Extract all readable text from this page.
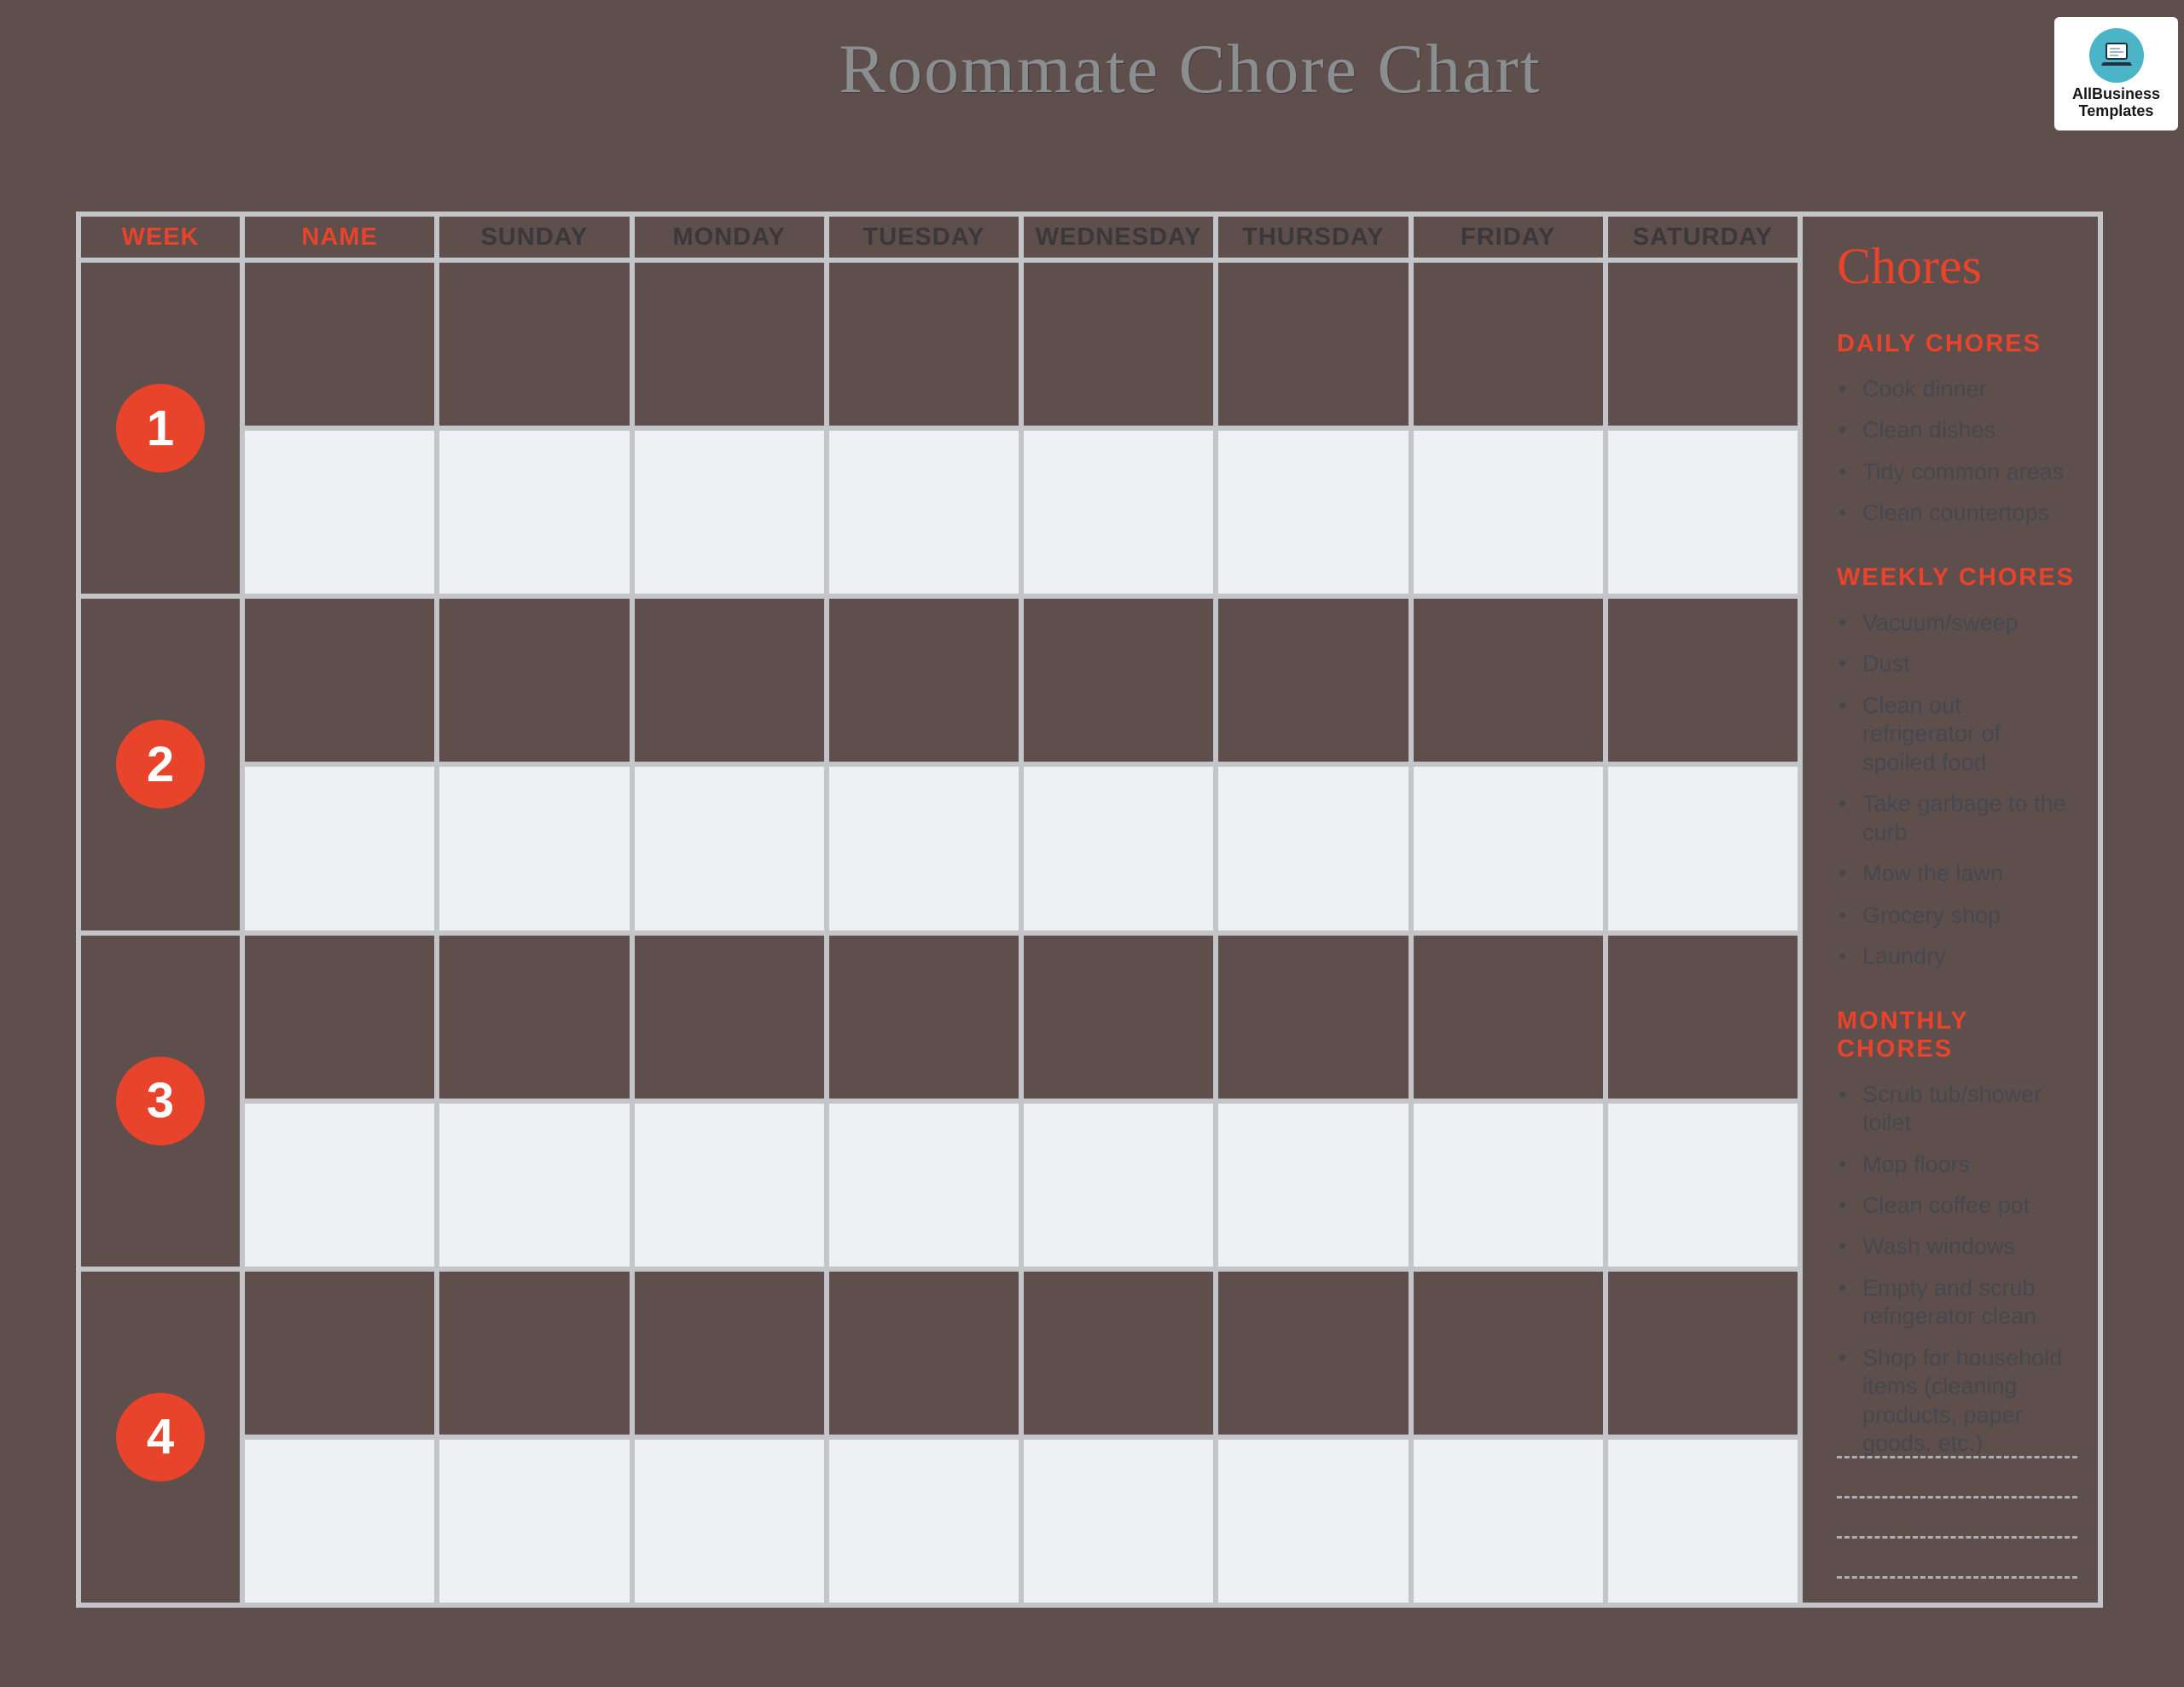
Roommate Chore Chart	AllBusiness
Templates
WEEK	NAME	SUNDAY	MONDAY	TUESDAY	WEDNESDAY	THURSDAY	FRIDAY	SATURDAY
1
2
3
4
Chores
DAILY CHORES
• Cook dinner
• Clean dishes
• Tidy common areas
• Clean countertops
WEEKLY CHORES
• Vacuum/sweep
• Dust
• Clean out refrigerator of spoiled food
• Take garbage to the curb
• Mow the lawn
• Grocery shop
• Laundry
MONTHLY CHORES
• Scrub tub/shower toilet
• Mop floors
• Clean coffee pot
• Wash windows
• Empty and scrub refrigerator clean
• Shop for household items (cleaning products, paper goods, etc.)
